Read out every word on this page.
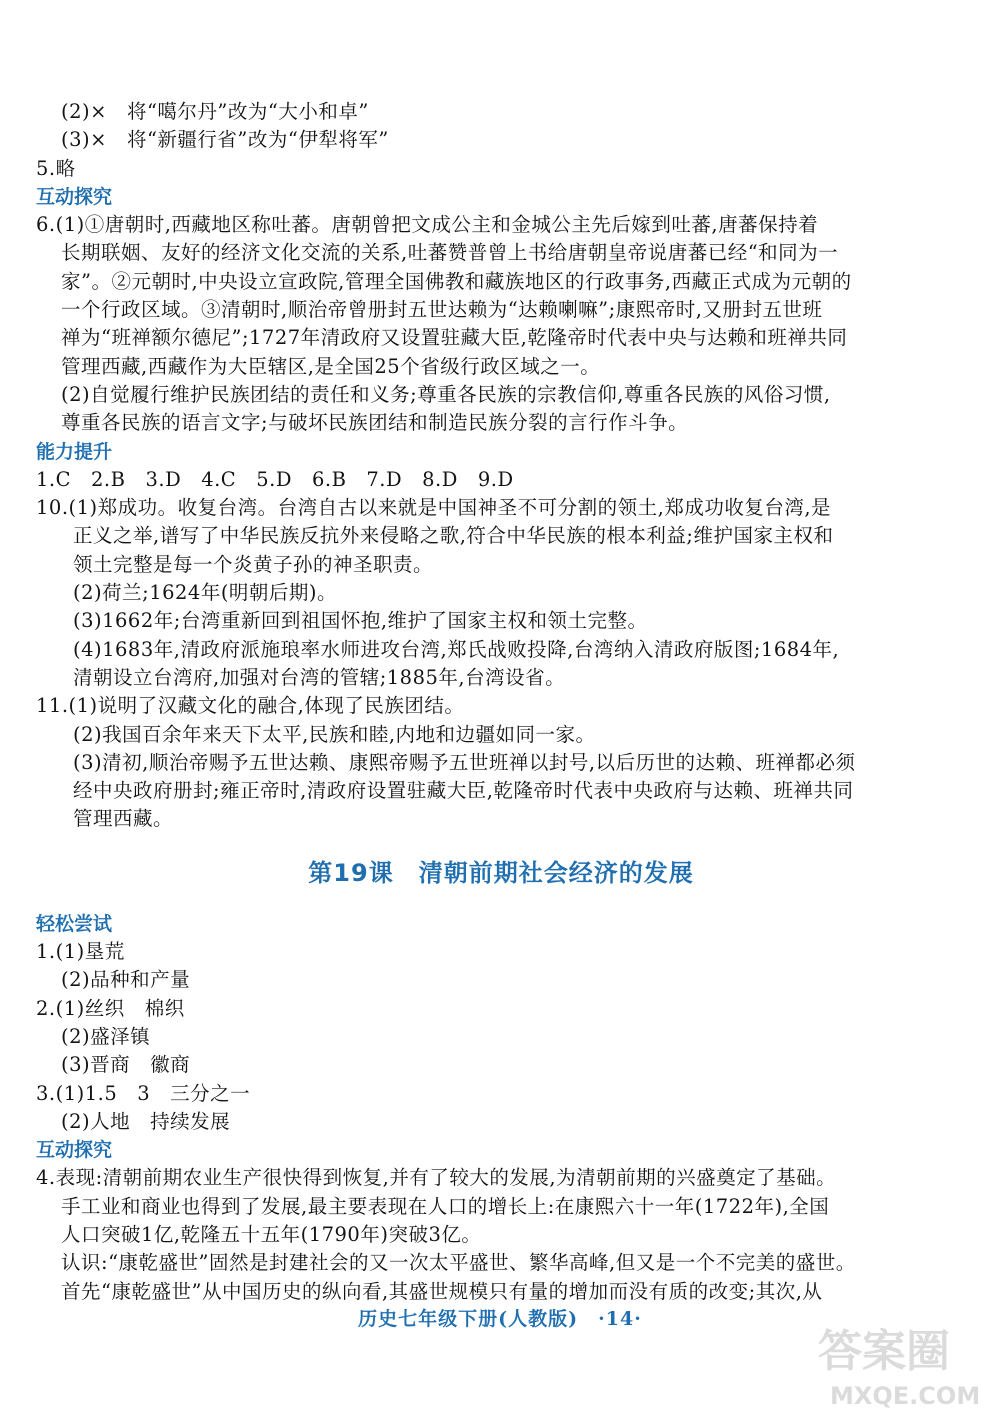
(2)×　将“噶尔丹”改为“大小和卓”
(3)×　将“新疆行省”改为“伊犁将军”
5.略
互动探究
6.(1)①唐朝时,西藏地区称吐蕃。唐朝曾把文成公主和金城公主先后嫁到吐蕃,唐蕃保持着
长期联姻、友好的经济文化交流的关系,吐蕃赞普曾上书给唐朝皇帝说唐蕃已经“和同为一
家”。②元朝时,中央设立宣政院,管理全国佛教和藏族地区的行政事务,西藏正式成为元朝的
一个行政区域。③清朝时,顺治帝曾册封五世达赖为“达赖喇嘛”;康熙帝时,又册封五世班
禅为“班禅额尔德尼”;1727年清政府又设置驻藏大臣,乾隆帝时代表中央与达赖和班禅共同
管理西藏,西藏作为大臣辖区,是全国25个省级行政区域之一。
(2)自觉履行维护民族团结的责任和义务;尊重各民族的宗教信仰,尊重各民族的风俗习惯,
尊重各民族的语言文字;与破坏民族团结和制造民族分裂的言行作斗争。
能力提升
1.C　2.B　3.D　4.C　5.D　6.B　7.D　8.D　9.D
10.(1)郑成功。收复台湾。台湾自古以来就是中国神圣不可分割的领土,郑成功收复台湾,是
正义之举,谱写了中华民族反抗外来侵略之歌,符合中华民族的根本利益;维护国家主权和
领土完整是每一个炎黄子孙的神圣职责。
(2)荷兰;1624年(明朝后期)。
(3)1662年;台湾重新回到祖国怀抱,维护了国家主权和领土完整。
(4)1683年,清政府派施琅率水师进攻台湾,郑氏战败投降,台湾纳入清政府版图;1684年,
清朝设立台湾府,加强对台湾的管辖;1885年,台湾设省。
11.(1)说明了汉藏文化的融合,体现了民族团结。
(2)我国百余年来天下太平,民族和睦,内地和边疆如同一家。
(3)清初,顺治帝赐予五世达赖、康熙帝赐予五世班禅以封号,以后历世的达赖、班禅都必须
经中央政府册封;雍正帝时,清政府设置驻藏大臣,乾隆帝时代表中央政府与达赖、班禅共同
管理西藏。
第19课　清朝前期社会经济的发展
轻松尝试
1.(1)垦荒
(2)品种和产量
2.(1)丝织　棉织
(2)盛泽镇
(3)晋商　徽商
3.(1)1.5　3　三分之一
(2)人地　持续发展
互动探究
4.表现:清朝前期农业生产很快得到恢复,并有了较大的发展,为清朝前期的兴盛奠定了基础。
手工业和商业也得到了发展,最主要表现在人口的增长上:在康熙六十一年(1722年),全国
人口突破1亿,乾隆五十五年(1790年)突破3亿。
认识:“康乾盛世”固然是封建社会的又一次太平盛世、繁华高峰,但又是一个不完美的盛世。
首先“康乾盛世”从中国历史的纵向看,其盛世规模只有量的增加而没有质的改变;其次,从
历史七年级下册(人教版)　·14·
答案圈
MXQE.COM
